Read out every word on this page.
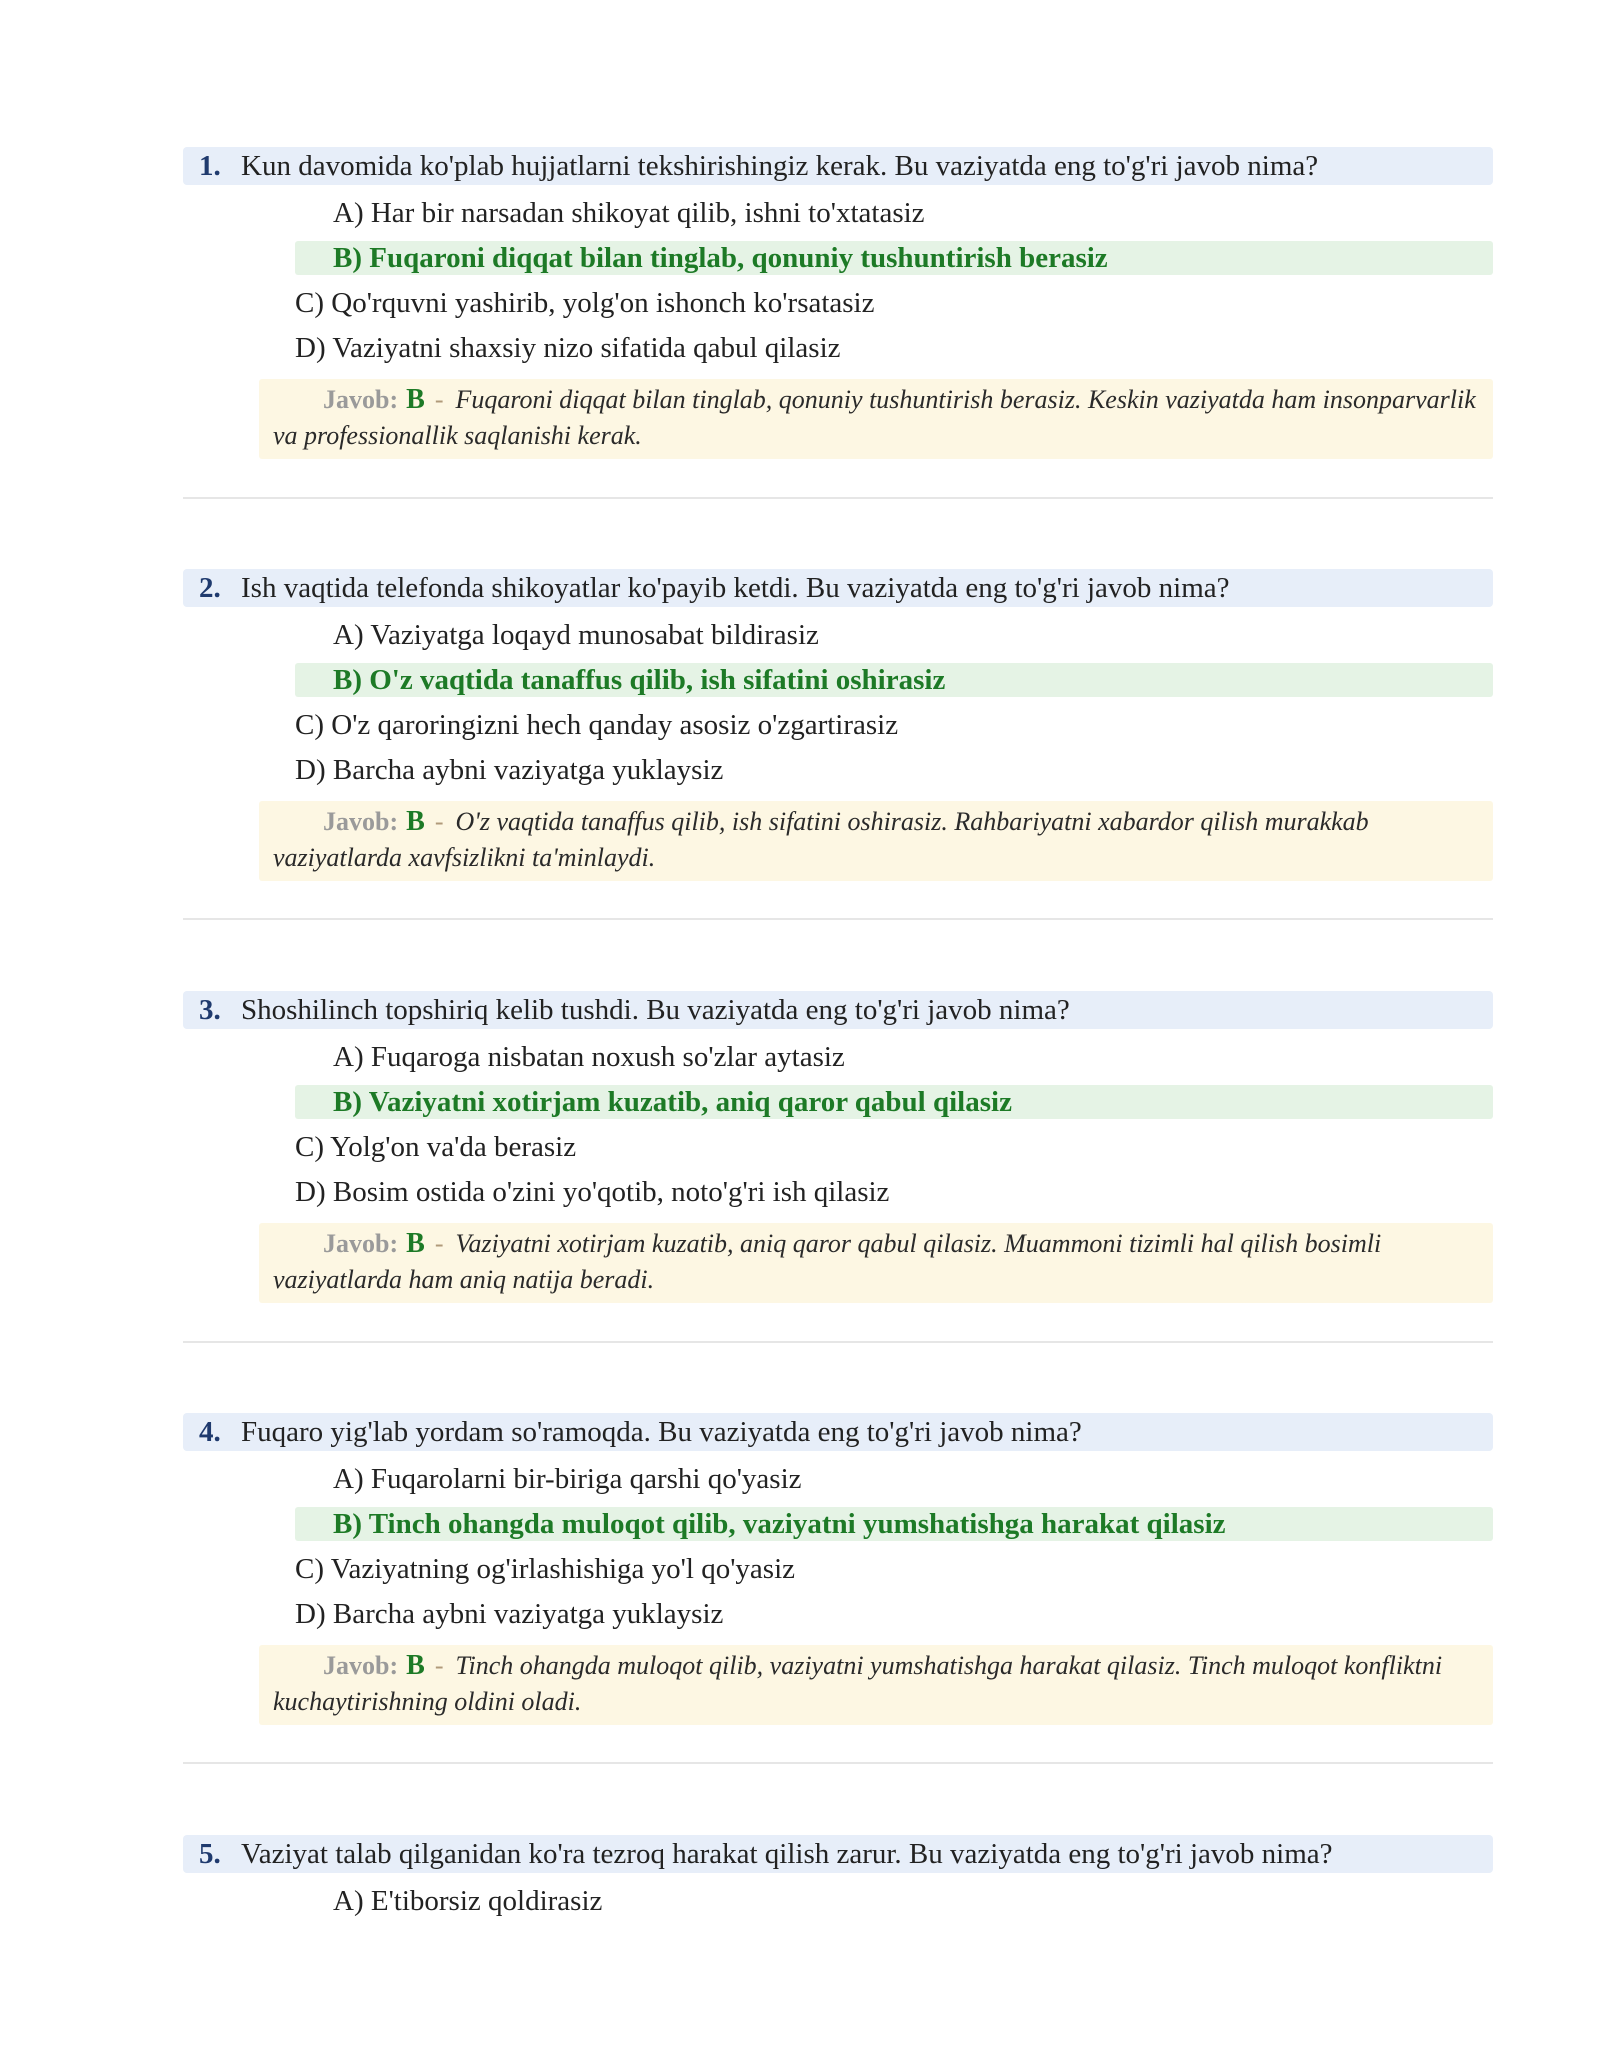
1. Kun davomida ko'plab hujjatlarni tekshirishingiz kerak. Bu vaziyatda eng to'g'ri javob nima?
A) Har bir narsadan shikoyat qilib, ishni to'xtatasiz
B) Fuqaroni diqqat bilan tinglab, qonuniy tushuntirish berasiz
C) Qo'rquvni yashirib, yolg'on ishonch ko'rsatasiz
D) Vaziyatni shaxsiy nizo sifatida qabul qilasiz
Javob: B - Fuqaroni diqqat bilan tinglab, qonuniy tushuntirish berasiz. Keskin vaziyatda ham insonparvarlik va professionallik saqlanishi kerak.
2. Ish vaqtida telefonda shikoyatlar ko'payib ketdi. Bu vaziyatda eng to'g'ri javob nima?
A) Vaziyatga loqayd munosabat bildirasiz
B) O'z vaqtida tanaffus qilib, ish sifatini oshirasiz
C) O'z qaroringizni hech qanday asosiz o'zgartirasiz
D) Barcha aybni vaziyatga yuklaysiz
Javob: B - O'z vaqtida tanaffus qilib, ish sifatini oshirasiz. Rahbariyatni xabardor qilish murakkab vaziyatlarda xavfsizlikni ta'minlaydi.
3. Shoshilinch topshiriq kelib tushdi. Bu vaziyatda eng to'g'ri javob nima?
A) Fuqaroga nisbatan noxush so'zlar aytasiz
B) Vaziyatni xotirjam kuzatib, aniq qaror qabul qilasiz
C) Yolg'on va'da berasiz
D) Bosim ostida o'zini yo'qotib, noto'g'ri ish qilasiz
Javob: B - Vaziyatni xotirjam kuzatib, aniq qaror qabul qilasiz. Muammoni tizimli hal qilish bosimli vaziyatlarda ham aniq natija beradi.
4. Fuqaro yig'lab yordam so'ramoqda. Bu vaziyatda eng to'g'ri javob nima?
A) Fuqarolarni bir-biriga qarshi qo'yasiz
B) Tinch ohangda muloqot qilib, vaziyatni yumshatishga harakat qilasiz
C) Vaziyatning og'irlashishiga yo'l qo'yasiz
D) Barcha aybni vaziyatga yuklaysiz
Javob: B - Tinch ohangda muloqot qilib, vaziyatni yumshatishga harakat qilasiz. Tinch muloqot konfliktni kuchaytirishning oldini oladi.
5. Vaziyat talab qilganidan ko'ra tezroq harakat qilish zarur. Bu vaziyatda eng to'g'ri javob nima?
A) E'tiborsiz qoldirasiz
